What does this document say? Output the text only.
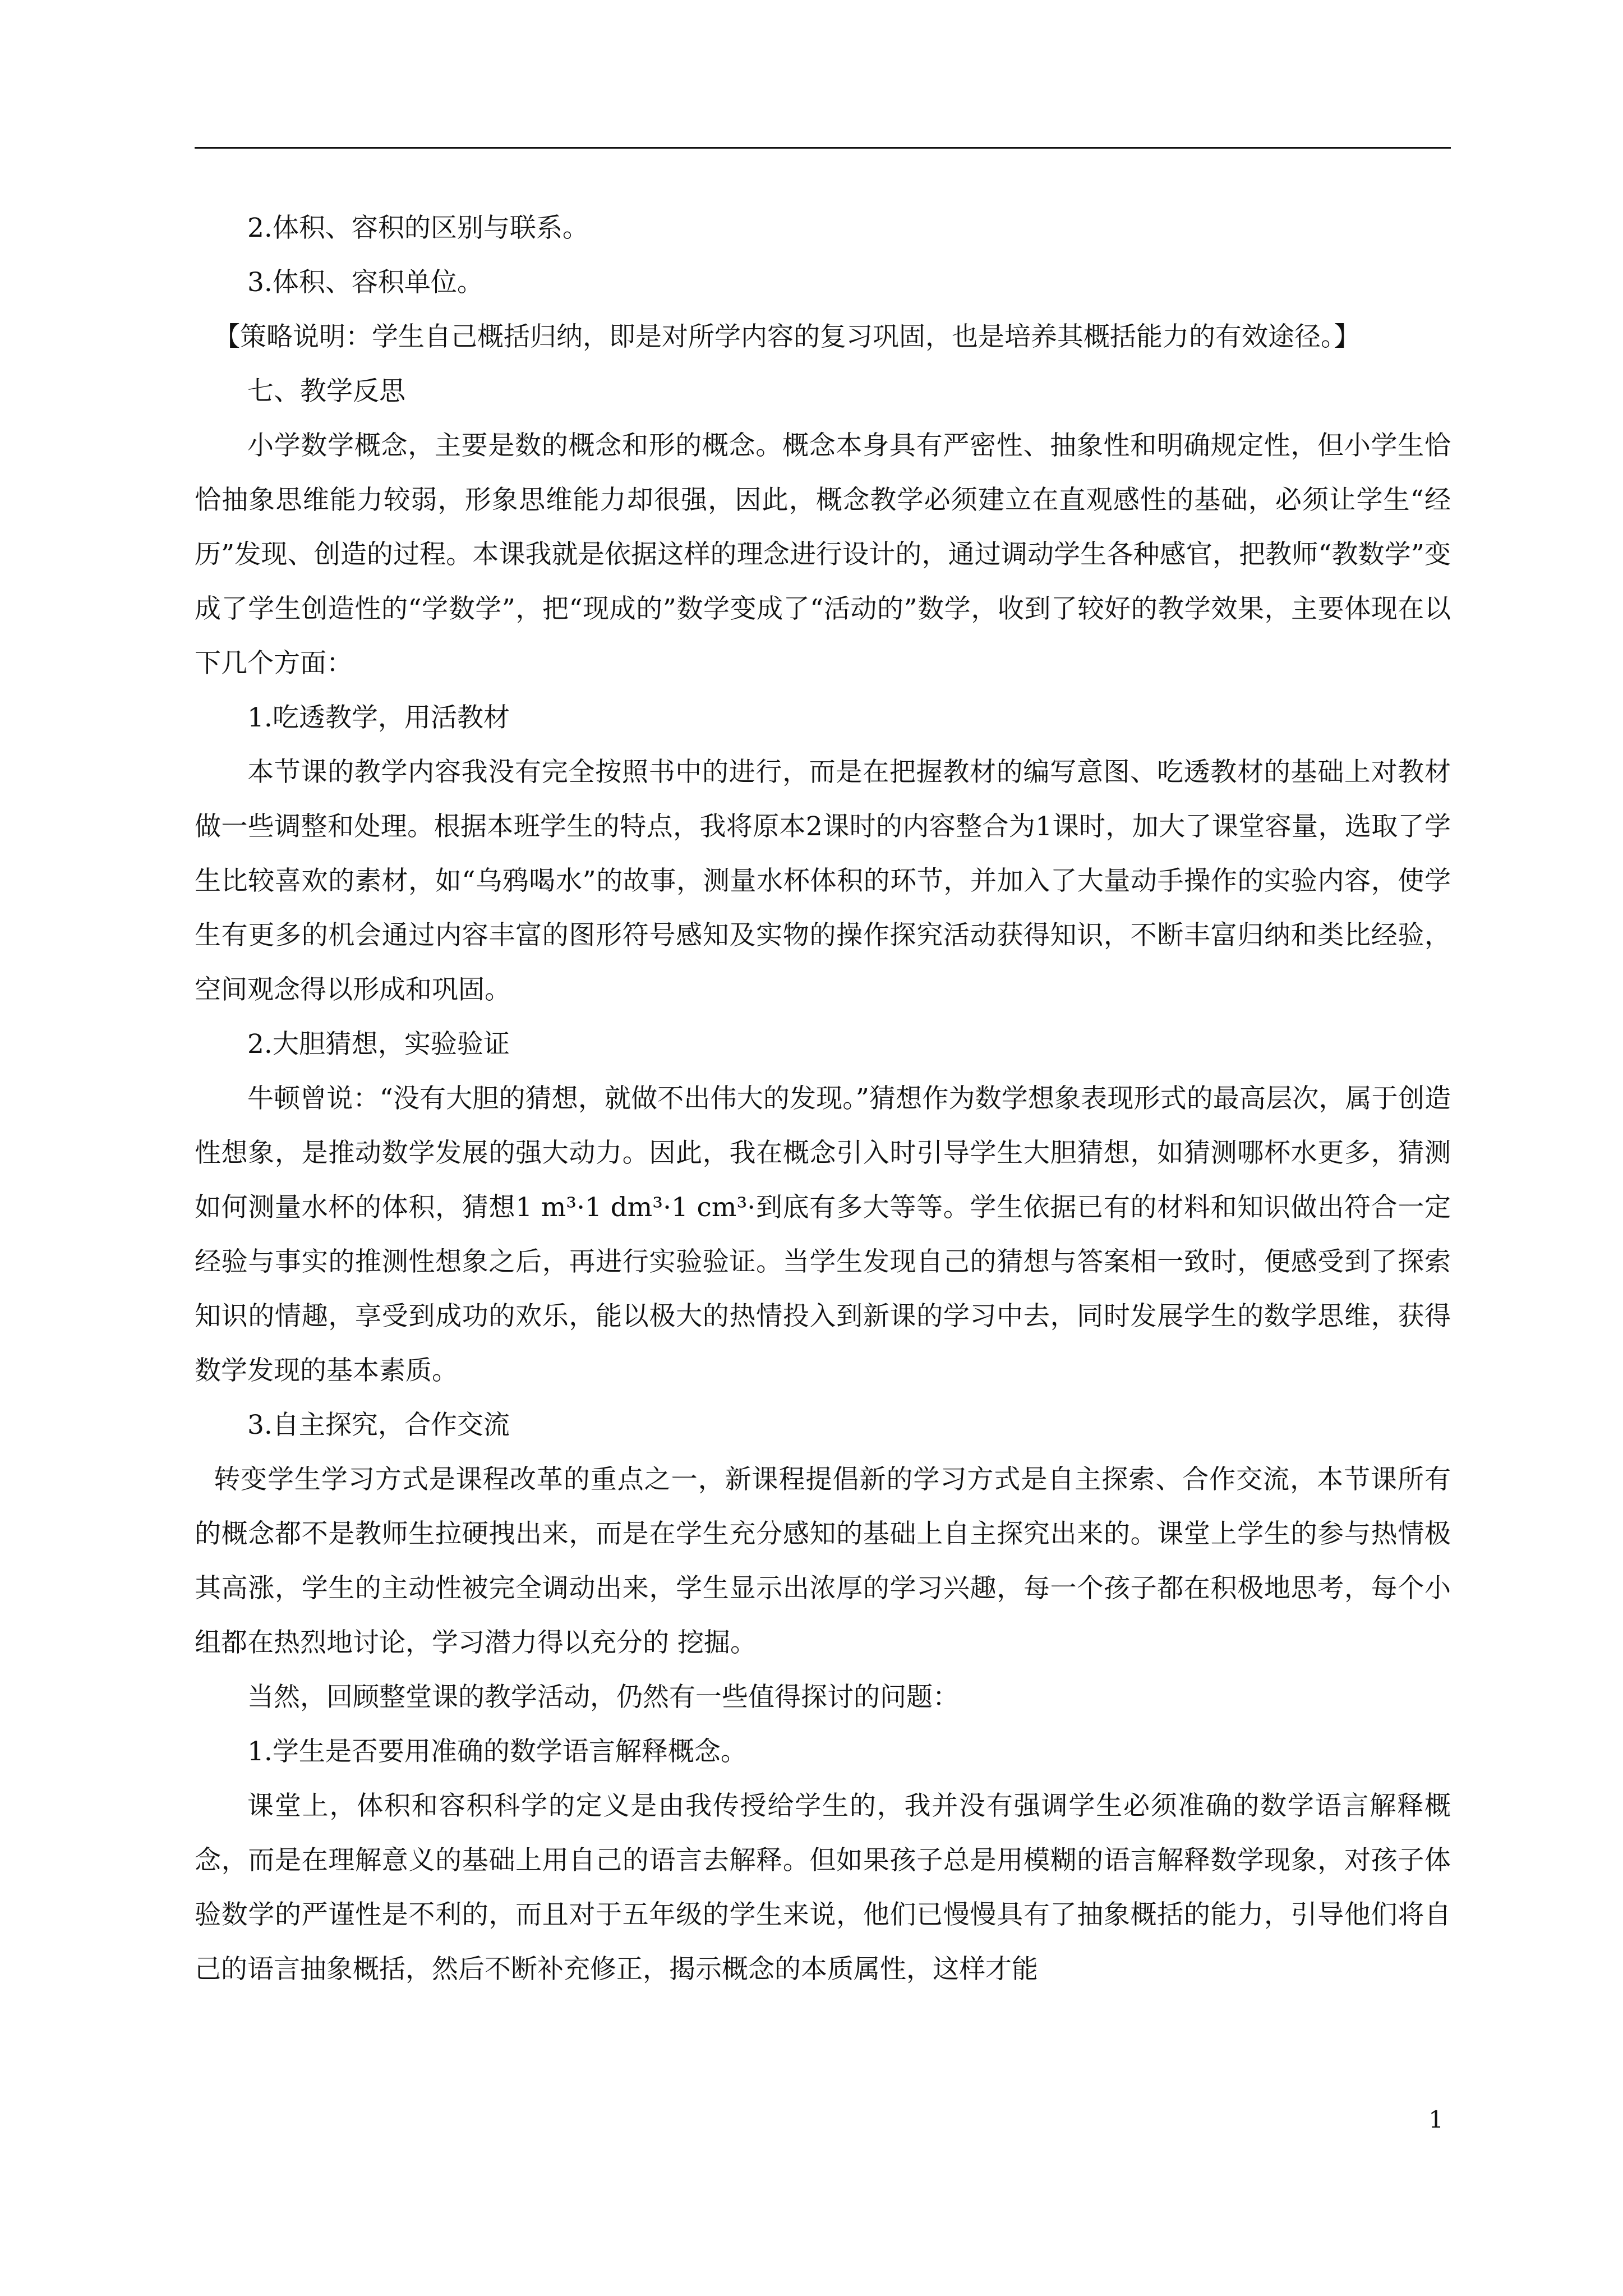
2.体积、容积的区别与联系。

3.体积、容积单位。

【策略说明：学生自己概括归纳，即是对所学内容的复习巩固，也是培养其概括能力的有效途径。】

七、教学反思

小学数学概念，主要是数的概念和形的概念。概念本身具有严密性、抽象性和明确规定性，但小学生恰恰抽象思维能力较弱，形象思维能力却很强，因此，概念教学必须建立在直观感性的基础，必须让学生“经历”发现、创造的过程。本课我就是依据这样的理念进行设计的，通过调动学生各种感官，把教师“教数学”变成了学生创造性的“学数学”，把“现成的”数学变成了“活动的”数学，收到了较好的教学效果，主要体现在以下几个方面：

1.吃透教学，用活教材

本节课的教学内容我没有完全按照书中的进行，而是在把握教材的编写意图、吃透教材的基础上对教材做一些调整和处理。根据本班学生的特点，我将原本2课时的内容整合为1课时，加大了课堂容量，选取了学生比较喜欢的素材，如“乌鸦喝水”的故事，测量水杯体积的环节，并加入了大量动手操作的实验内容，使学生有更多的机会通过内容丰富的图形符号感知及实物的操作探究活动获得知识，不断丰富归纳和类比经验，空间观念得以形成和巩固。

2.大胆猜想，实验验证

牛顿曾说：“没有大胆的猜想，就做不出伟大的发现。”猜想作为数学想象表现形式的最高层次，属于创造性想象，是推动数学发展的强大动力。因此，我在概念引入时引导学生大胆猜想，如猜测哪杯水更多，猜测如何测量水杯的体积，猜想1 m³·1 dm³·1 cm³·到底有多大等等。学生依据已有的材料和知识做出符合一定经验与事实的推测性想象之后，再进行实验验证。当学生发现自己的猜想与答案相一致时，便感受到了探索知识的情趣，享受到成功的欢乐，能以极大的热情投入到新课的学习中去，同时发展学生的数学思维，获得数学发现的基本素质。

3.自主探究，合作交流

转变学生学习方式是课程改革的重点之一，新课程提倡新的学习方式是自主探索、合作交流，本节课所有的概念都不是教师生拉硬拽出来，而是在学生充分感知的基础上自主探究出来的。课堂上学生的参与热情极其高涨，学生的主动性被完全调动出来，学生显示出浓厚的学习兴趣，每一个孩子都在积极地思考，每个小组都在热烈地讨论，学习潜力得以充分的 挖掘。

当然，回顾整堂课的教学活动，仍然有一些值得探讨的问题：

1.学生是否要用准确的数学语言解释概念。

课堂上，体积和容积科学的定义是由我传授给学生的，我并没有强调学生必须准确的数学语言解释概念，而是在理解意义的基础上用自己的语言去解释。但如果孩子总是用模糊的语言解释数学现象，对孩子体验数学的严谨性是不利的，而且对于五年级的学生来说，他们已慢慢具有了抽象概括的能力，引导他们将自己的语言抽象概括，然后不断补充修正，揭示概念的本质属性，这样才能

1
